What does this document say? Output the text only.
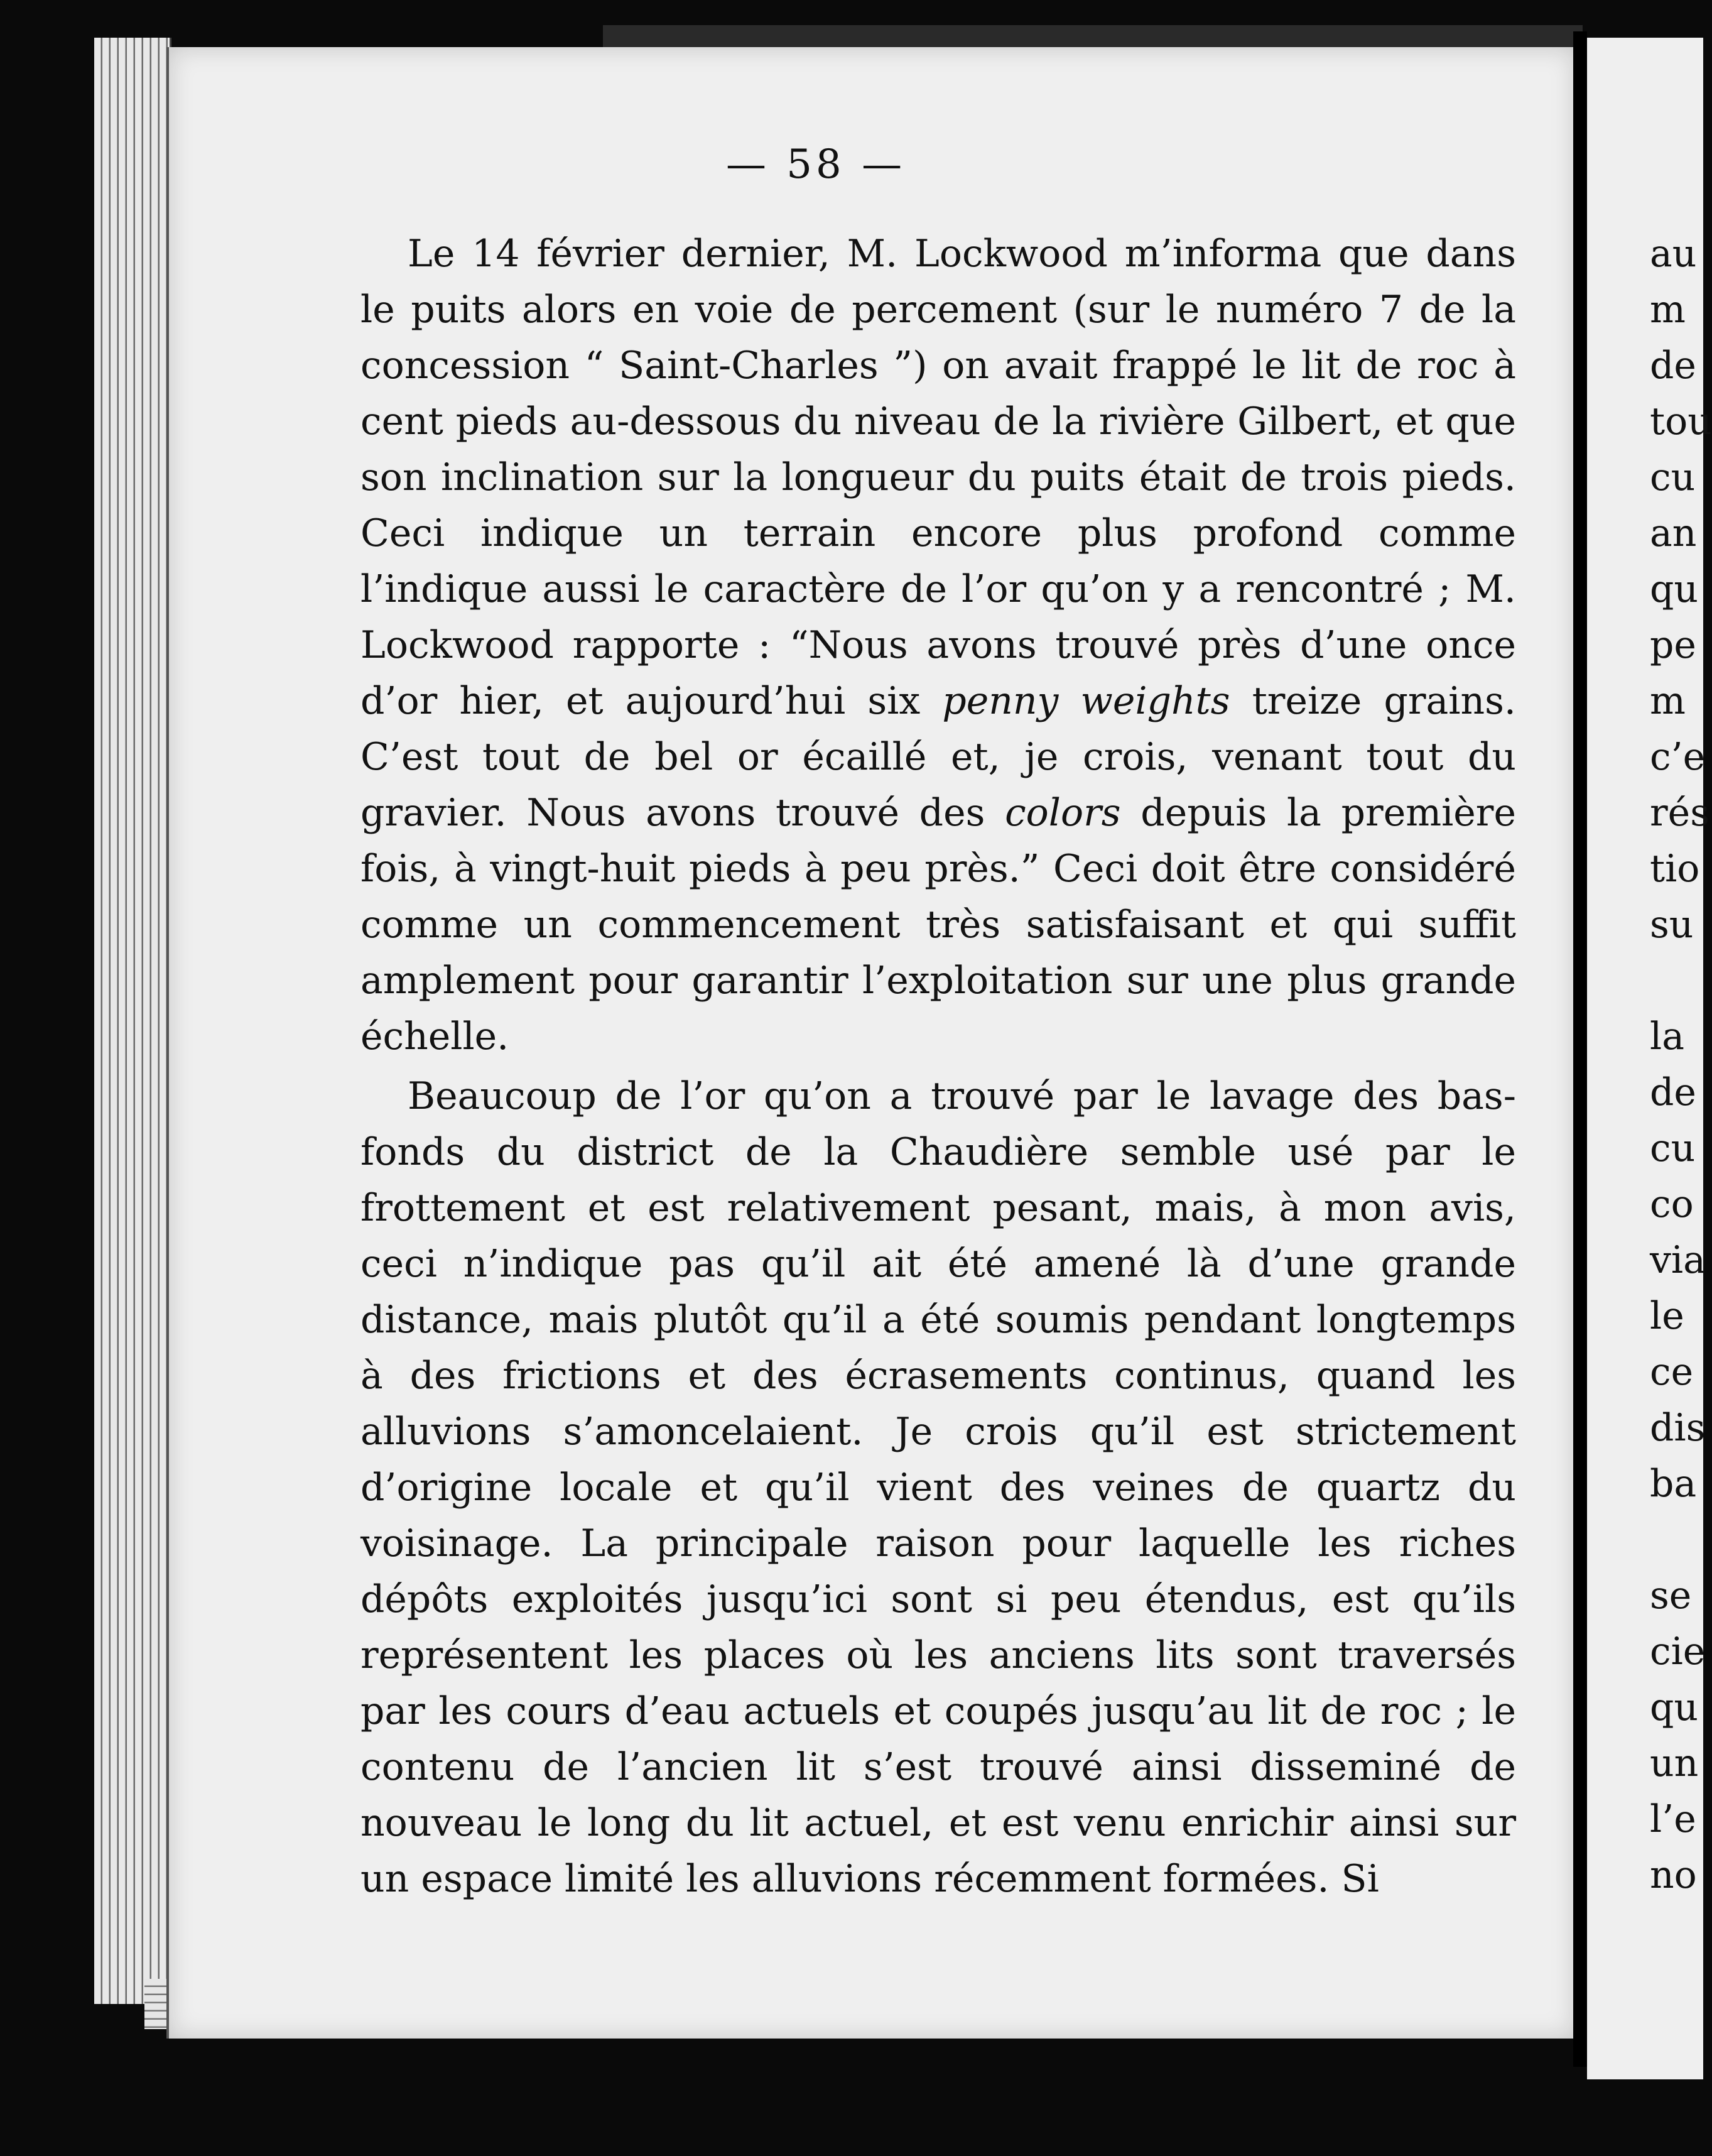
— 58 —

Le 14 février dernier, M. Lockwood m’informa que dans le puits alors en voie de percement (sur le numéro 7 de la concession “ Saint-Charles ”) on avait frappé le lit de roc à cent pieds au-dessous du niveau de la rivière Gilbert, et que son inclination sur la longueur du puits était de trois pieds. Ceci indique un terrain encore plus profond comme l’indique aussi le caractère de l’or qu’on y a rencontré ; M. Lockwood rapporte : “Nous avons trouvé près d’une once d’or hier, et aujourd’hui six penny weights treize grains. C’est tout de bel or écaillé et, je crois, venant tout du gravier. Nous avons trouvé des colors depuis la première fois, à vingt-huit pieds à peu près.” Ceci doit être considéré comme un commencement très satisfaisant et qui suffit amplement pour garantir l’exploitation sur une plus grande échelle.

Beaucoup de l’or qu’on a trouvé par le lavage des bas-fonds du district de la Chaudière semble usé par le frottement et est relativement pesant, mais, à mon avis, ceci n’indique pas qu’il ait été amené là d’une grande distance, mais plutôt qu’il a été soumis pendant longtemps à des frictions et des écrasements continus, quand les alluvions s’amoncelaient. Je crois qu’il est strictement d’origine locale et qu’il vient des veines de quartz du voisinage. La principale raison pour laquelle les riches dépôts exploités jusqu’ici sont si peu étendus, est qu’ils représentent les places où les anciens lits sont traversés par les cours d’eau actuels et coupés jusqu’au lit de roc ; le contenu de l’ancien lit s’est trouvé ainsi disseminé de nouveau le long du lit actuel, et est venu enrichir ainsi sur un espace limité les alluvions récemment formées. Si

au
m
de
tou
cu
an
qu
pe
m
c’e
rés
tio
su
la
de
cu
co
via
le
ce
dis
ba
se
cie
qu
un
l’e
no
